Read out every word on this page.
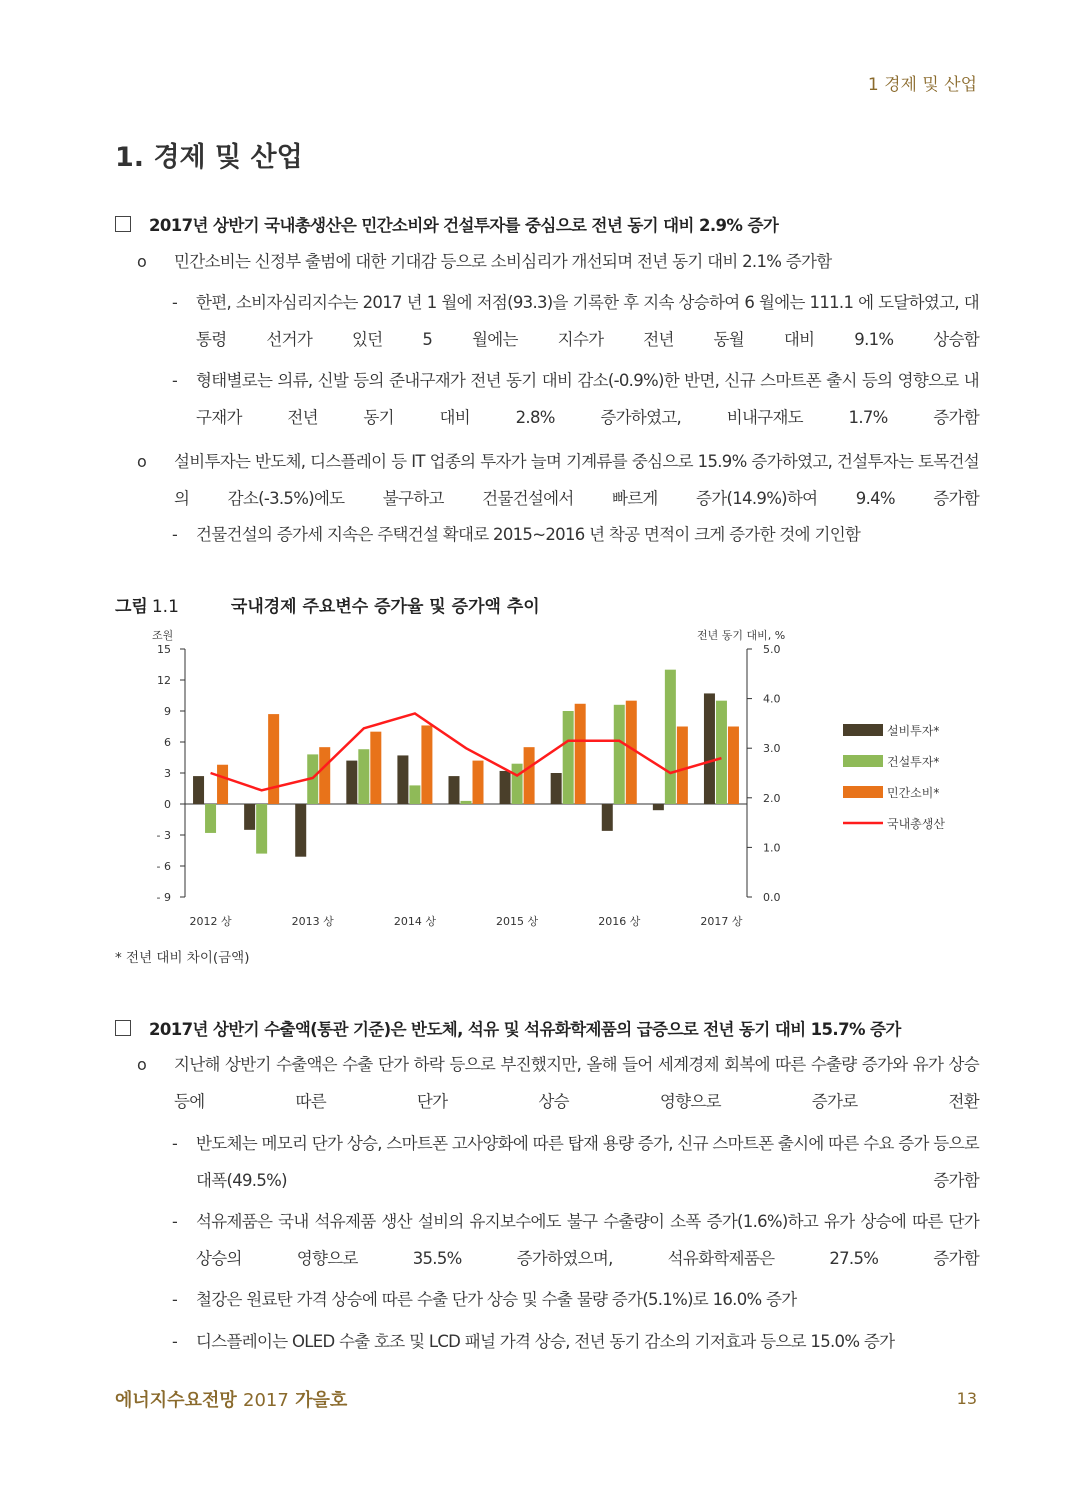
1 경제 및 산업
1. 경제 및 산업
2017년 상반기 국내총생산은 민간소비와 건설투자를 중심으로 전년 동기 대비 2.9% 증가
o 민간소비는 신정부 출범에 대한 기대감 등으로 소비심리가 개선되며 전년 동기 대비 2.1% 증가함
- 한편, 소비자심리지수는 2017 년 1 월에 저점(93.3)을 기록한 후 지속 상승하여 6 월에는 111.1 에 도달하였고, 대통령 선거가 있던 5 월에는 지수가 전년 동월 대비 9.1% 상승함
- 형태별로는 의류, 신발 등의 준내구재가 전년 동기 대비 감소(-0.9%)한 반면, 신규 스마트폰 출시 등의 영향으로 내구재가 전년 동기 대비 2.8% 증가하였고, 비내구재도 1.7% 증가함
o 설비투자는 반도체, 디스플레이 등 IT 업종의 투자가 늘며 기계류를 중심으로 15.9% 증가하였고, 건설투자는 토목건설의 감소(-3.5%)에도 불구하고 건물건설에서 빠르게 증가(14.9%)하여 9.4% 증가함
- 건물건설의 증가세 지속은 주택건설 확대로 2015~2016 년 착공 면적이 크게 증가한 것에 기인함
그림 1.1	국내경제 주요변수 증가율 및 증가액 추이
조원
15
12
9
6
3
0
- 3
- 6
- 9
전년 동기 대비, %
5.0
4.0
3.0
2.0
1.0
0.0
2012 상	2013 상	2014 상	2015 상	2016 상	2017 상
설비투자*
건설투자*
민간소비*
국내총생산
* 전년 대비 차이(금액)
2017년 상반기 수출액(통관 기준)은 반도체, 석유 및 석유화학제품의 급증으로 전년 동기 대비 15.7% 증가
o 지난해 상반기 수출액은 수출 단가 하락 등으로 부진했지만, 올해 들어 세계경제 회복에 따른 수출량 증가와 유가 상승 등에 따른 단가 상승 영향으로 증가로 전환
- 반도체는 메모리 단가 상승, 스마트폰 고사양화에 따른 탑재 용량 증가, 신규 스마트폰 출시에 따른 수요 증가 등으로 대폭(49.5%) 증가함
- 석유제품은 국내 석유제품 생산 설비의 유지보수에도 불구 수출량이 소폭 증가(1.6%)하고 유가 상승에 따른 단가 상승의 영향으로 35.5% 증가하였으며, 석유화학제품은 27.5% 증가함
- 철강은 원료탄 가격 상승에 따른 수출 단가 상승 및 수출 물량 증가(5.1%)로 16.0% 증가
- 디스플레이는 OLED 수출 호조 및 LCD 패널 가격 상승, 전년 동기 감소의 기저효과 등으로 15.0% 증가
에너지수요전망 2017 가을호	13
